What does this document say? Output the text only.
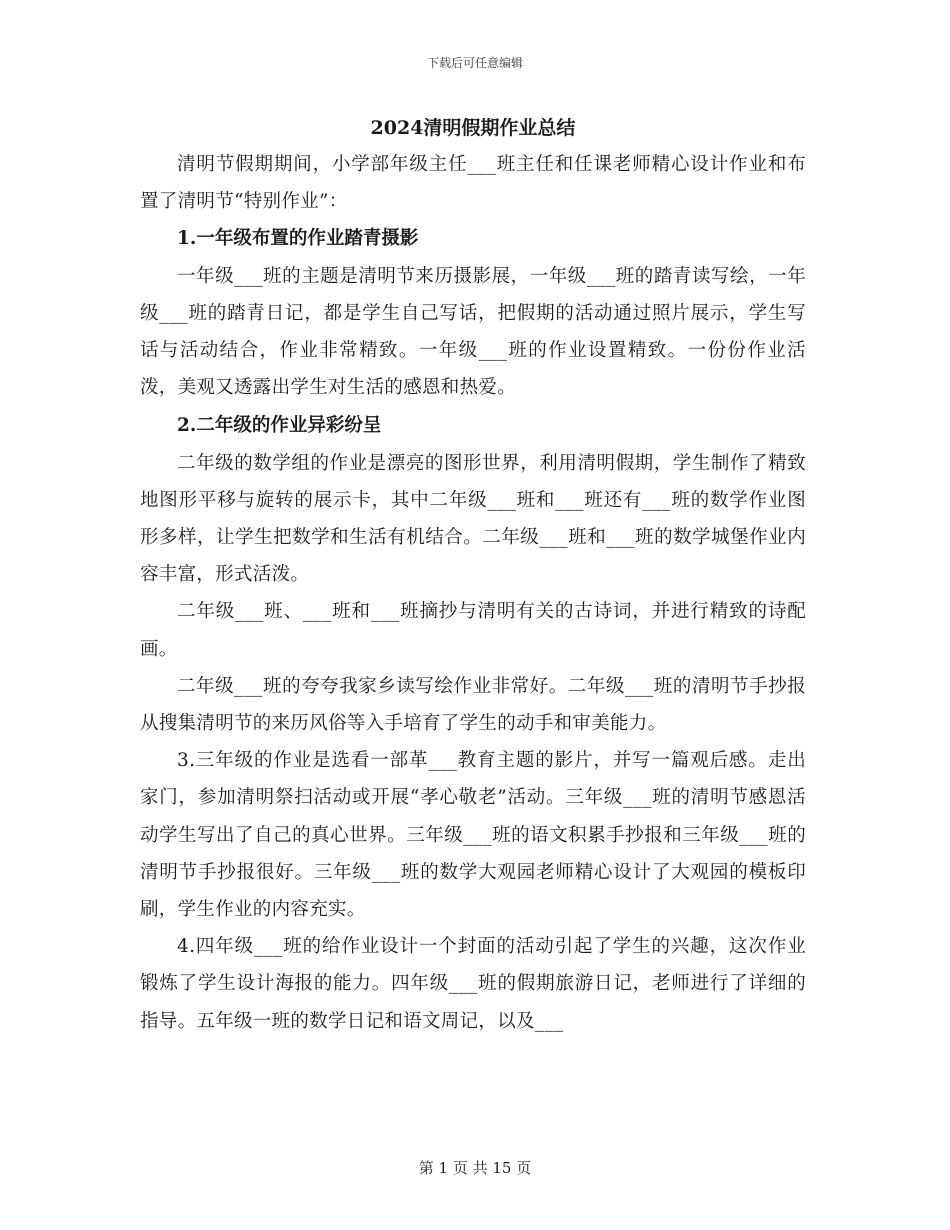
下载后可任意编辑
2024清明假期作业总结

清明节假期期间，小学部年级主任___班主任和任课老师精心设计作业和布置了清明节“特别作业”：

1.一年级布置的作业踏青摄影

一年级___班的主题是清明节来历摄影展，一年级___班的踏青读写绘，一年级___班的踏青日记，都是学生自己写话，把假期的活动通过照片展示，学生写话与活动结合，作业非常精致。一年级___班的作业设置精致。一份份作业活泼，美观又透露出学生对生活的感恩和热爱。

2.二年级的作业异彩纷呈

二年级的数学组的作业是漂亮的图形世界，利用清明假期，学生制作了精致地图形平移与旋转的展示卡，其中二年级___班和___班还有___班的数学作业图形多样，让学生把数学和生活有机结合。二年级___班和___班的数学城堡作业内容丰富，形式活泼。

二年级___班、___班和___班摘抄与清明有关的古诗词，并进行精致的诗配画。

二年级___班的夸夸我家乡读写绘作业非常好。二年级___班的清明节手抄报从搜集清明节的来历风俗等入手培育了学生的动手和审美能力。

3.三年级的作业是选看一部革___教育主题的影片，并写一篇观后感。走出家门，参加清明祭扫活动或开展“孝心敬老”活动。三年级___班的清明节感恩活动学生写出了自己的真心世界。三年级___班的语文积累手抄报和三年级___班的清明节手抄报很好。三年级___班的数学大观园老师精心设计了大观园的模板印刷，学生作业的内容充实。

4.四年级___班的给作业设计一个封面的活动引起了学生的兴趣，这次作业锻炼了学生设计海报的能力。四年级___班的假期旅游日记，老师进行了详细的指导。五年级一班的数学日记和语文周记，以及___

第 1 页 共 15 页
